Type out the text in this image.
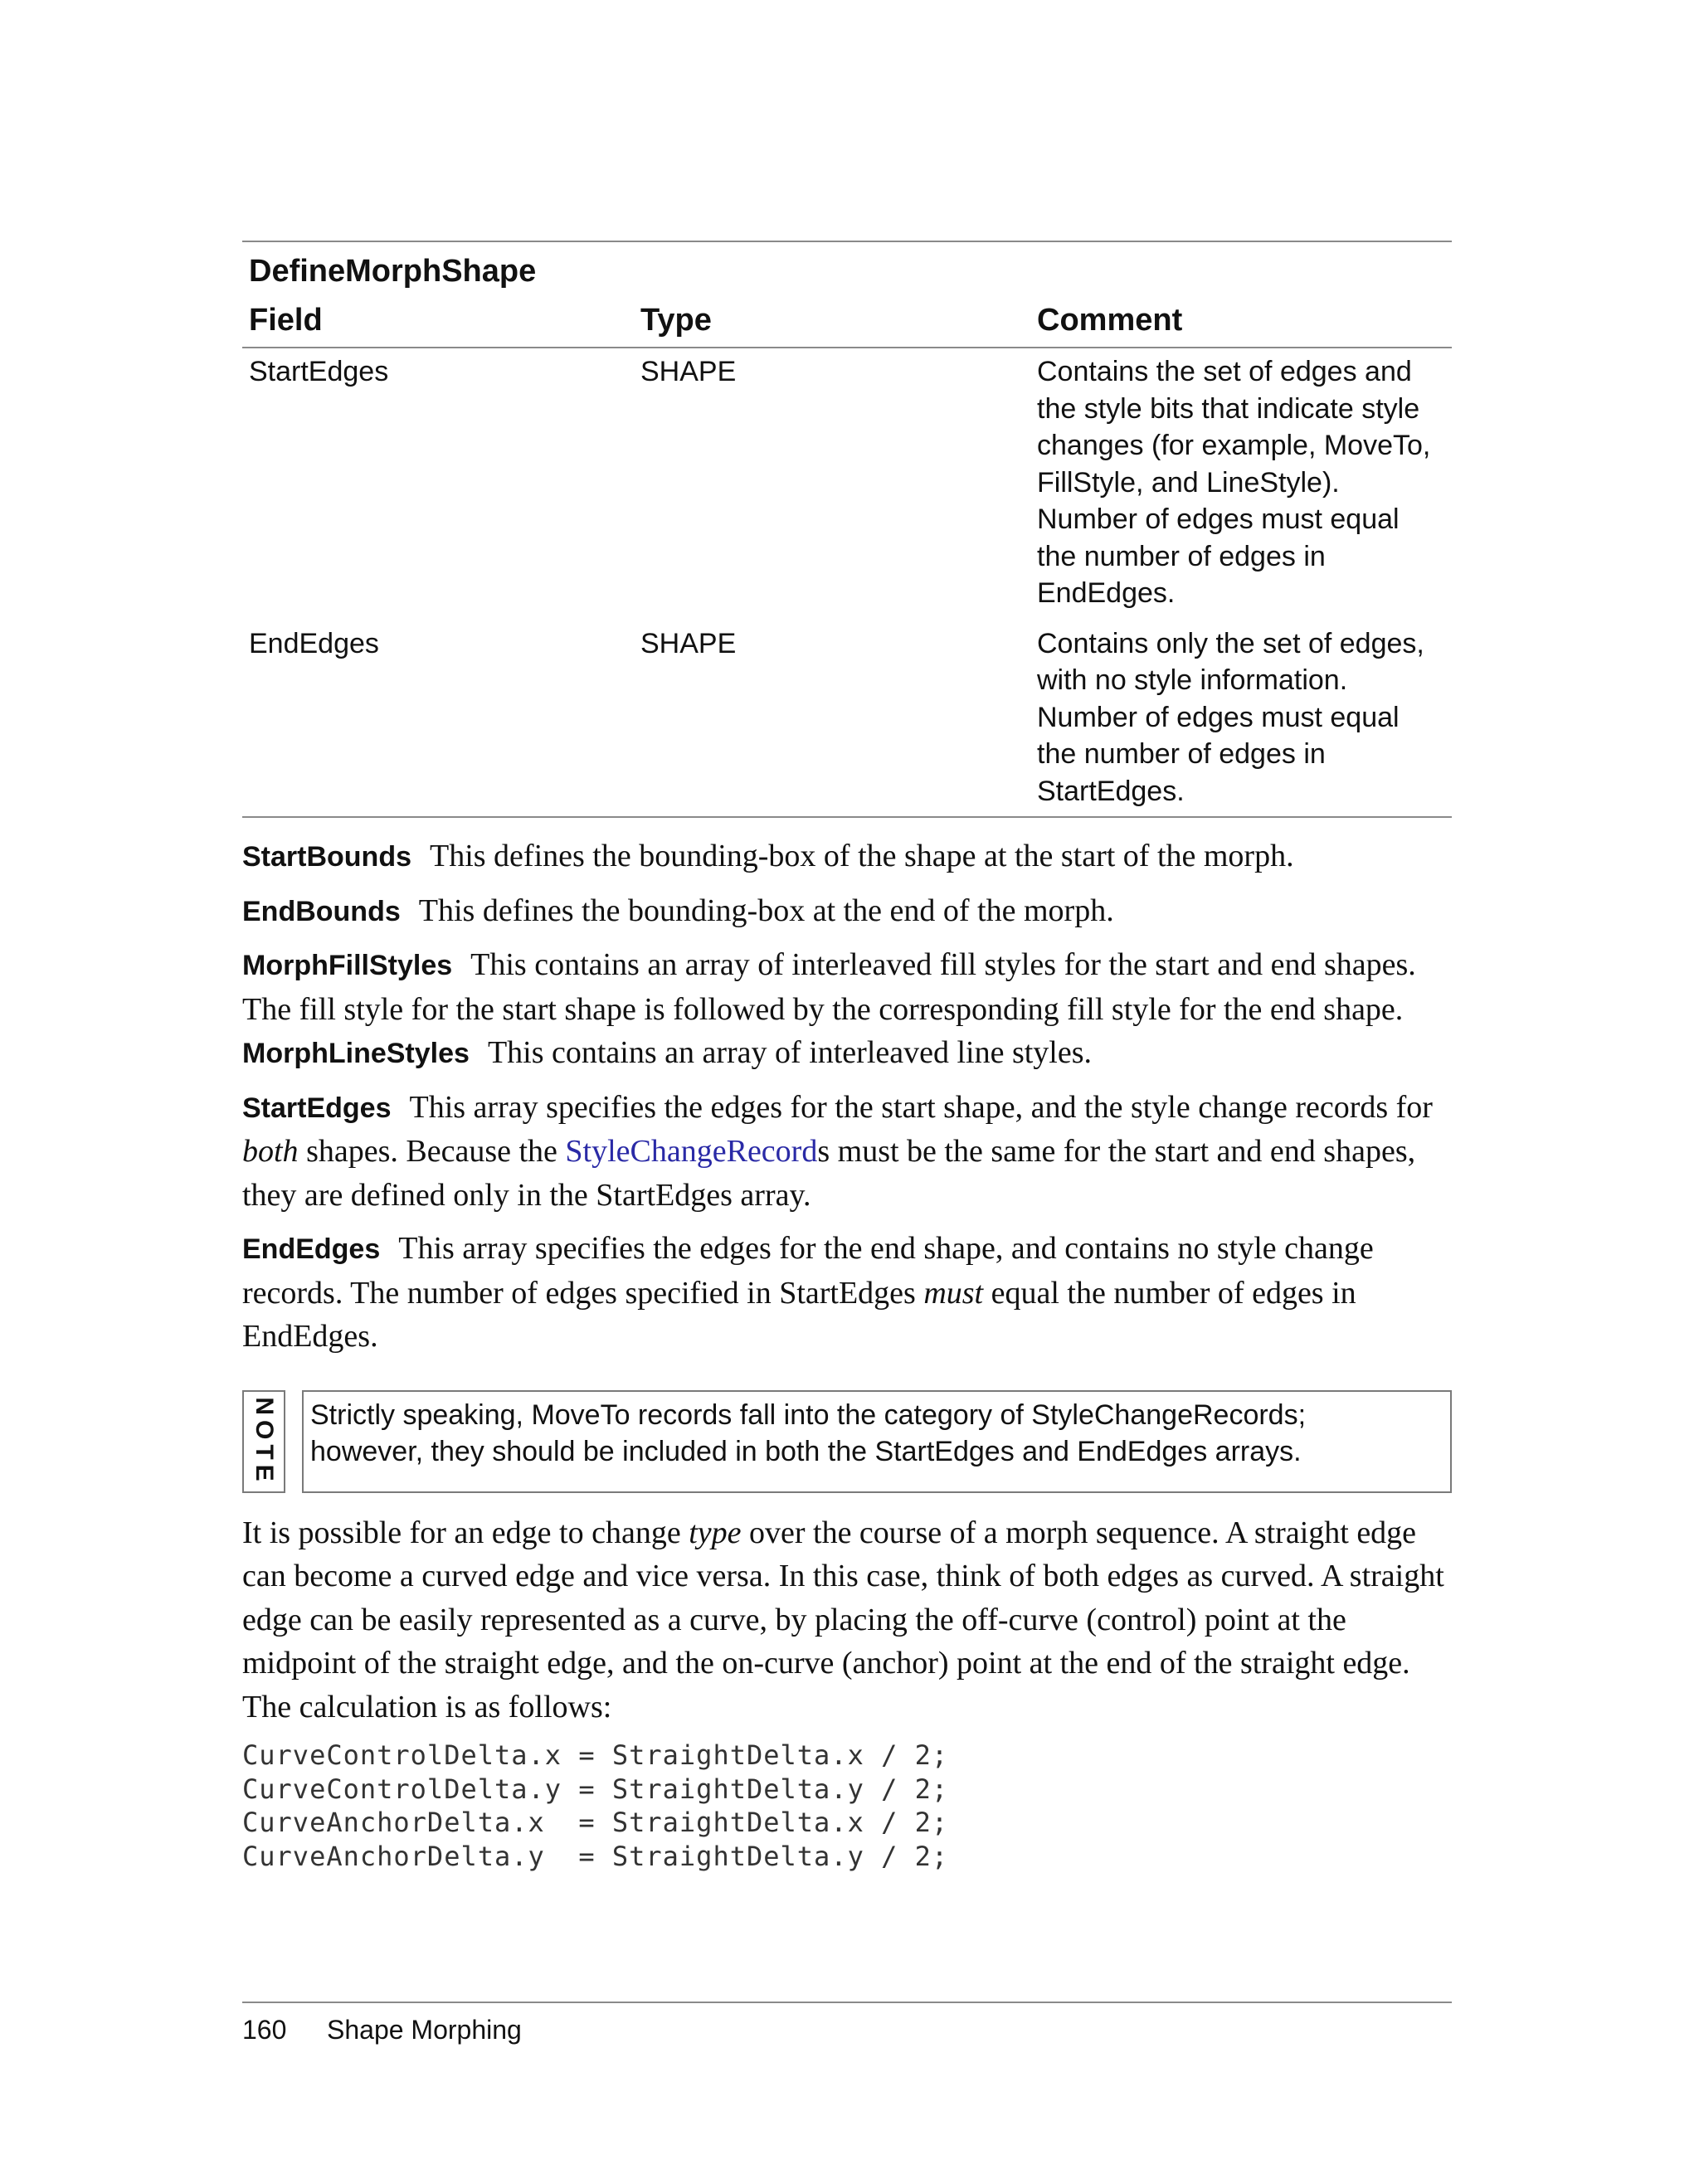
DefineMorphShape
Field	Type	Comment
StartEdges	SHAPE	Contains the set of edges and
the style bits that indicate style
changes (for example, MoveTo,
FillStyle, and LineStyle).
Number of edges must equal
the number of edges in
EndEdges.
EndEdges	SHAPE	Contains only the set of edges,
with no style information.
Number of edges must equal
the number of edges in
StartEdges.

StartBounds This defines the bounding-box of the shape at the start of the morph.

EndBounds This defines the bounding-box at the end of the morph.

MorphFillStyles This contains an array of interleaved fill styles for the start and end shapes. The fill style for the start shape is followed by the corresponding fill style for the end shape.

MorphLineStyles This contains an array of interleaved line styles.

StartEdges This array specifies the edges for the start shape, and the style change records for both shapes. Because the StyleChangeRecords must be the same for the start and end shapes, they are defined only in the StartEdges array.

EndEdges This array specifies the edges for the end shape, and contains no style change records. The number of edges specified in StartEdges must equal the number of edges in EndEdges.

NOTE Strictly speaking, MoveTo records fall into the category of StyleChangeRecords;
however, they should be included in both the StartEdges and EndEdges arrays.

It is possible for an edge to change type over the course of a morph sequence. A straight edge can become a curved edge and vice versa. In this case, think of both edges as curved. A straight edge can be easily represented as a curve, by placing the off-curve (control) point at the midpoint of the straight edge, and the on-curve (anchor) point at the end of the straight edge. The calculation is as follows:

CurveControlDelta.x = StraightDelta.x / 2;
CurveControlDelta.y = StraightDelta.y / 2;
CurveAnchorDelta.x  = StraightDelta.x / 2;
CurveAnchorDelta.y  = StraightDelta.y / 2;
160 Shape Morphing
